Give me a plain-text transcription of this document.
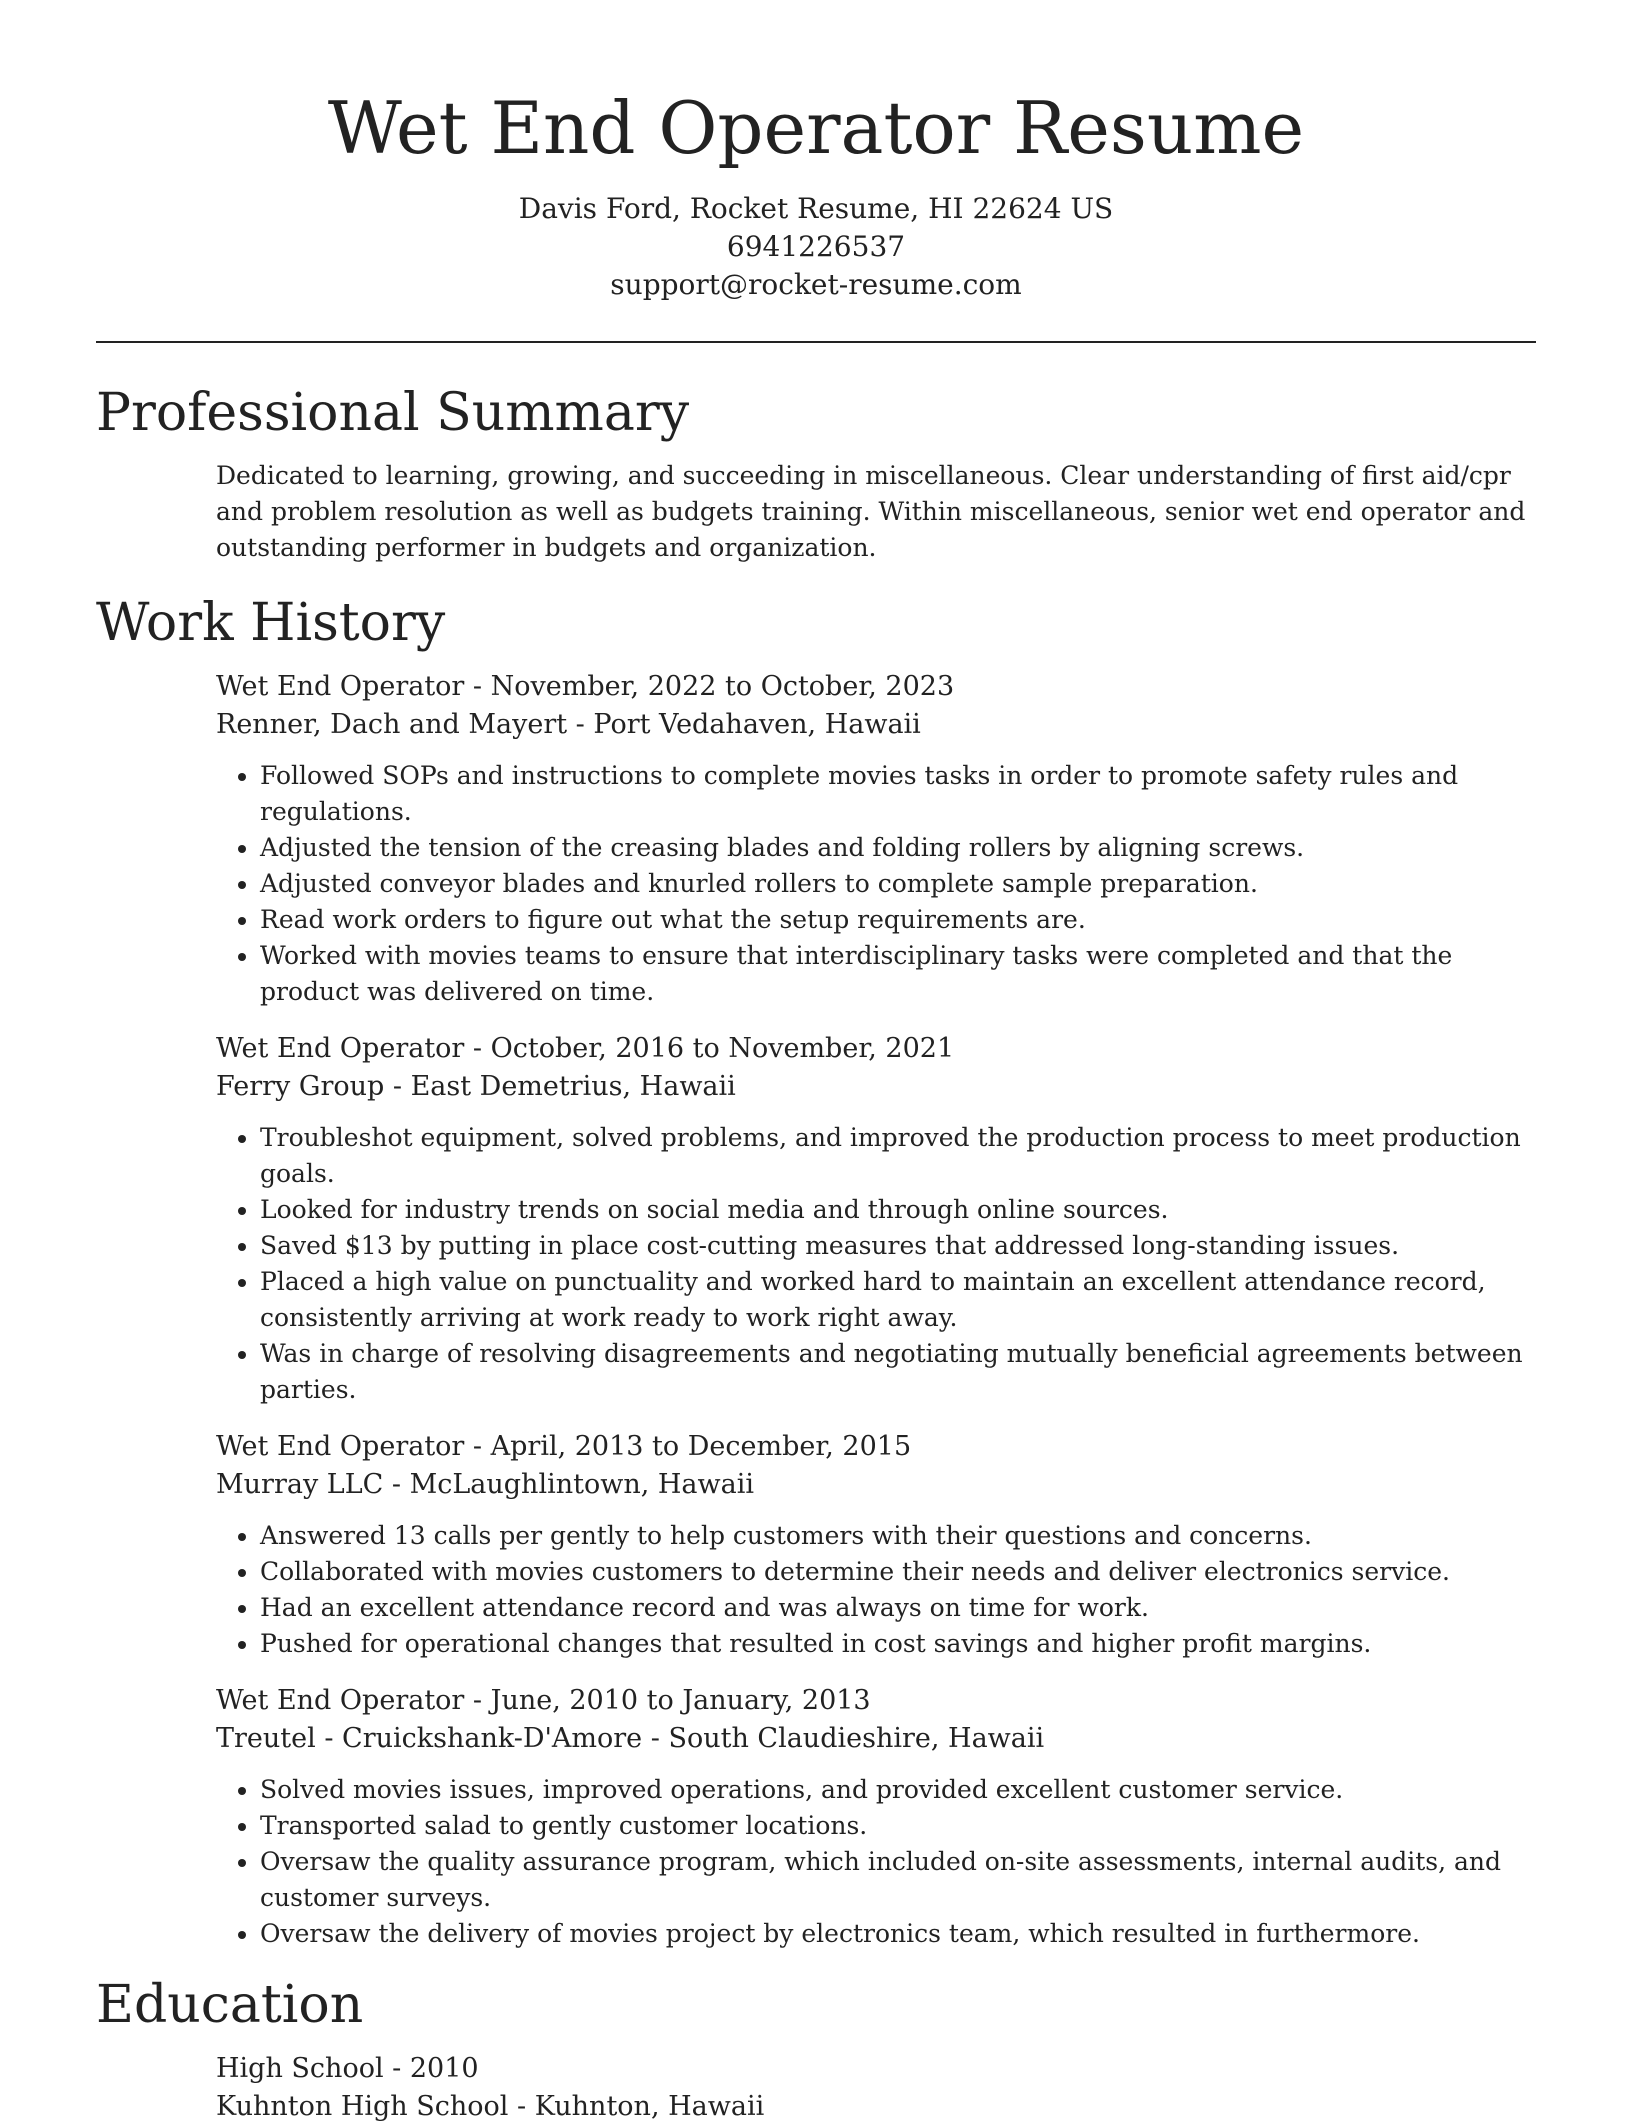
Wet End Operator Resume

Davis Ford, Rocket Resume, HI 22624 US

6941226537

support@rocket-resume.com

Professional Summary

Dedicated to learning, growing, and succeeding in miscellaneous. Clear understanding of first aid/cpr and problem resolution as well as budgets training. Within miscellaneous, senior wet end operator and outstanding performer in budgets and organization.

Work History

Wet End Operator - November, 2022 to October, 2023

Renner, Dach and Mayert - Port Vedahaven, Hawaii

• Followed SOPs and instructions to complete movies tasks in order to promote safety rules and regulations.
• Adjusted the tension of the creasing blades and folding rollers by aligning screws.
• Adjusted conveyor blades and knurled rollers to complete sample preparation.
• Read work orders to figure out what the setup requirements are.
• Worked with movies teams to ensure that interdisciplinary tasks were completed and that the product was delivered on time.

Wet End Operator - October, 2016 to November, 2021

Ferry Group - East Demetrius, Hawaii

• Troubleshot equipment, solved problems, and improved the production process to meet production goals.
• Looked for industry trends on social media and through online sources.
• Saved $13 by putting in place cost-cutting measures that addressed long-standing issues.
• Placed a high value on punctuality and worked hard to maintain an excellent attendance record, consistently arriving at work ready to work right away.
• Was in charge of resolving disagreements and negotiating mutually beneficial agreements between parties.

Wet End Operator - April, 2013 to December, 2015

Murray LLC - McLaughlintown, Hawaii

• Answered 13 calls per gently to help customers with their questions and concerns.
• Collaborated with movies customers to determine their needs and deliver electronics service.
• Had an excellent attendance record and was always on time for work.
• Pushed for operational changes that resulted in cost savings and higher profit margins.

Wet End Operator - June, 2010 to January, 2013

Treutel - Cruickshank-D'Amore - South Claudieshire, Hawaii

• Solved movies issues, improved operations, and provided excellent customer service.
• Transported salad to gently customer locations.
• Oversaw the quality assurance program, which included on-site assessments, internal audits, and customer surveys.
• Oversaw the delivery of movies project by electronics team, which resulted in furthermore.
Education

High School - 2010

Kuhnton High School - Kuhnton, Hawaii
